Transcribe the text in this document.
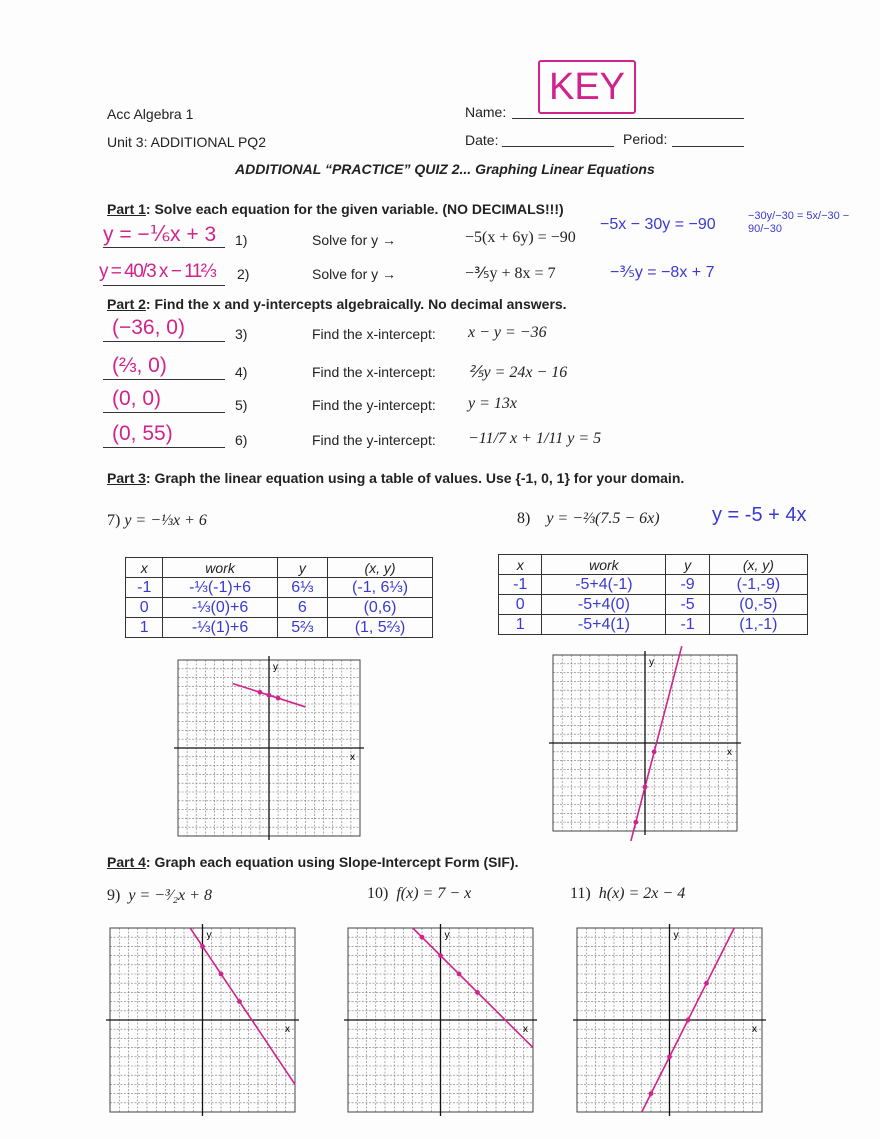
Acc Algebra 1
Unit 3: ADDITIONAL PQ2
Name:
KEY
Date:	Period:
ADDITIONAL “PRACTICE” QUIZ 2... Graphing Linear Equations
Part 1: Solve each equation for the given variable. (NO DECIMALS!!!)
y = −⅙x + 3 1)	Solve for y →	−5(x + 6y) = −90
−5x − 30y = −90	−30y/−30 = 5x/−30 − 90/−30
y = 40/3 x − 11⅔ 2)	Solve for y →	−⅗y + 8x = 7	−⅗y = −8x + 7
Part 2: Find the x and y-intercepts algebraically. No decimal answers.
(−36, 0)	3)	Find the x-intercept: x − y = −36
(⅔, 0)	4)	Find the x-intercept: ⅖y = 24x − 16
(0, 0)	5)	Find the y-intercept: y = 13x
(0, 55)	6)	Find the y-intercept: −11/7 x + 1/11 y = 5
Part 3: Graph the linear equation using a table of values. Use {-1, 0, 1} for your domain.
7) y = −⅓x + 6	8) y = −⅔(7.5 − 6x)	y = -5 + 4x
x	work	y	(x, y)
-1	-⅓(-1)+6	6⅓	(-1, 6⅓)
0	-⅓(0)+6	6	(0,6)
1	-⅓(1)+6	5⅔	(1, 5⅔)
x	work	y	(x, y)
-1	-5+4(-1)	-9	(-1,-9)
0	-5+4(0)	-5	(0,-5)
1	-5+4(1)	-1	(1,-1)
Part 4: Graph each equation using Slope-Intercept Form (SIF).
9) y = −³⁄₂x + 8	10) f(x) = 7 − x	11) h(x) = 2x − 4
x
y
x
y
x
y
x
y
x
y
